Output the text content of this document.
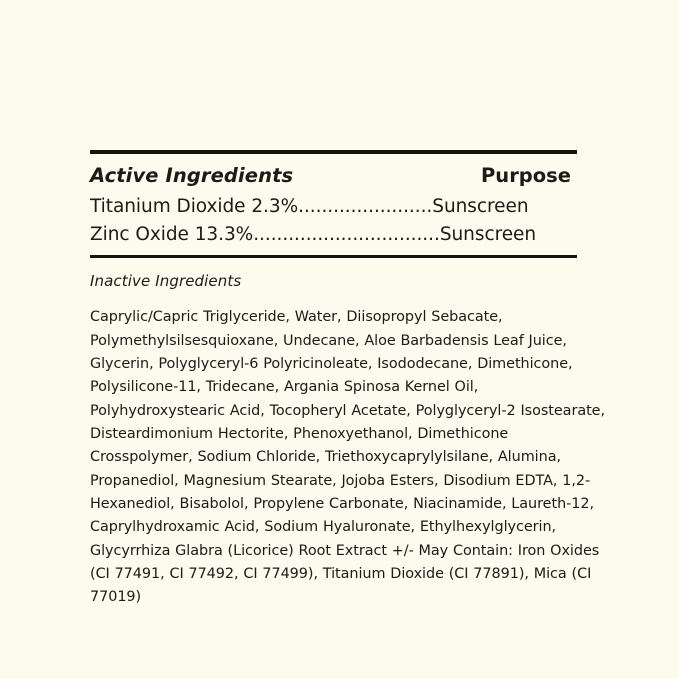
Active Ingredients	Purpose
Titanium Dioxide 2.3%.......................Sunscreen
Zinc Oxide 13.3%................................Sunscreen
Inactive Ingredients
Caprylic/Capric Triglyceride, Water, Diisopropyl Sebacate, Polymethylsilsesquioxane, Undecane, Aloe Barbadensis Leaf Juice, Glycerin, Polyglyceryl-6 Polyricinoleate, Isododecane, Dimethicone, Polysilicone-11, Tridecane, Argania Spinosa Kernel Oil, Polyhydroxystearic Acid, Tocopheryl Acetate, Polyglyceryl-2 Isostearate, Disteardimonium Hectorite, Phenoxyethanol, Dimethicone Crosspolymer, Sodium Chloride, Triethoxycaprylylsilane, Alumina, Propanediol, Magnesium Stearate, Jojoba Esters, Disodium EDTA, 1,2-Hexanediol, Bisabolol, Propylene Carbonate, Niacinamide, Laureth-12, Caprylhydroxamic Acid, Sodium Hyaluronate, Ethylhexylglycerin, Glycyrrhiza Glabra (Licorice) Root Extract +/- May Contain: Iron Oxides (CI 77491, CI 77492, CI 77499), Titanium Dioxide (CI 77891), Mica (CI 77019)
